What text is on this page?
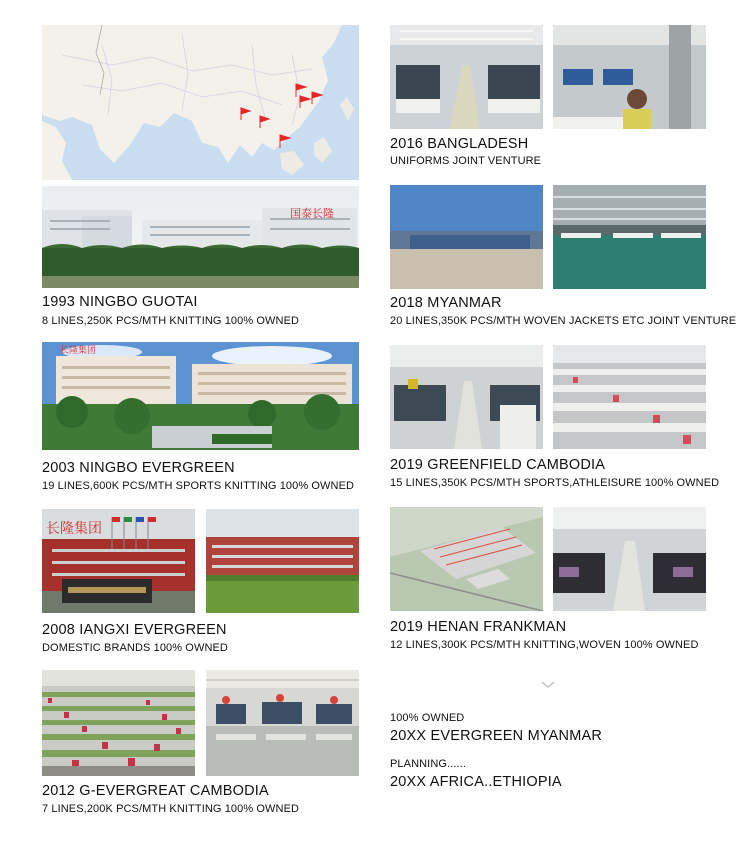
国泰长隆
1993 NINGBO GUOTAI
8 LINES,250K PCS/MTH KNITTING 100% OWNED
长隆集团
2003 NINGBO EVERGREEN
19 LINES,600K PCS/MTH SPORTS KNITTING 100% OWNED
长隆集团
2008 IANGXI EVERGREEN
DOMESTIC BRANDS 100% OWNED
2012 G-EVERGREAT CAMBODIA
7 LINES,200K PCS/MTH KNITTING 100% OWNED
2016 BANGLADESH
UNIFORMS JOINT VENTURE
2018 MYANMAR
20 LINES,350K PCS/MTH WOVEN JACKETS ETC JOINT VENTURE
2019 GREENFIELD CAMBODIA
15 LINES,350K PCS/MTH SPORTS,ATHLEISURE 100% OWNED
2019 HENAN FRANKMAN
12 LINES,300K PCS/MTH KNITTING,WOVEN 100% OWNED
100% OWNED
20XX EVERGREEN MYANMAR
PLANNING......
20XX AFRICA..ETHIOPIA
